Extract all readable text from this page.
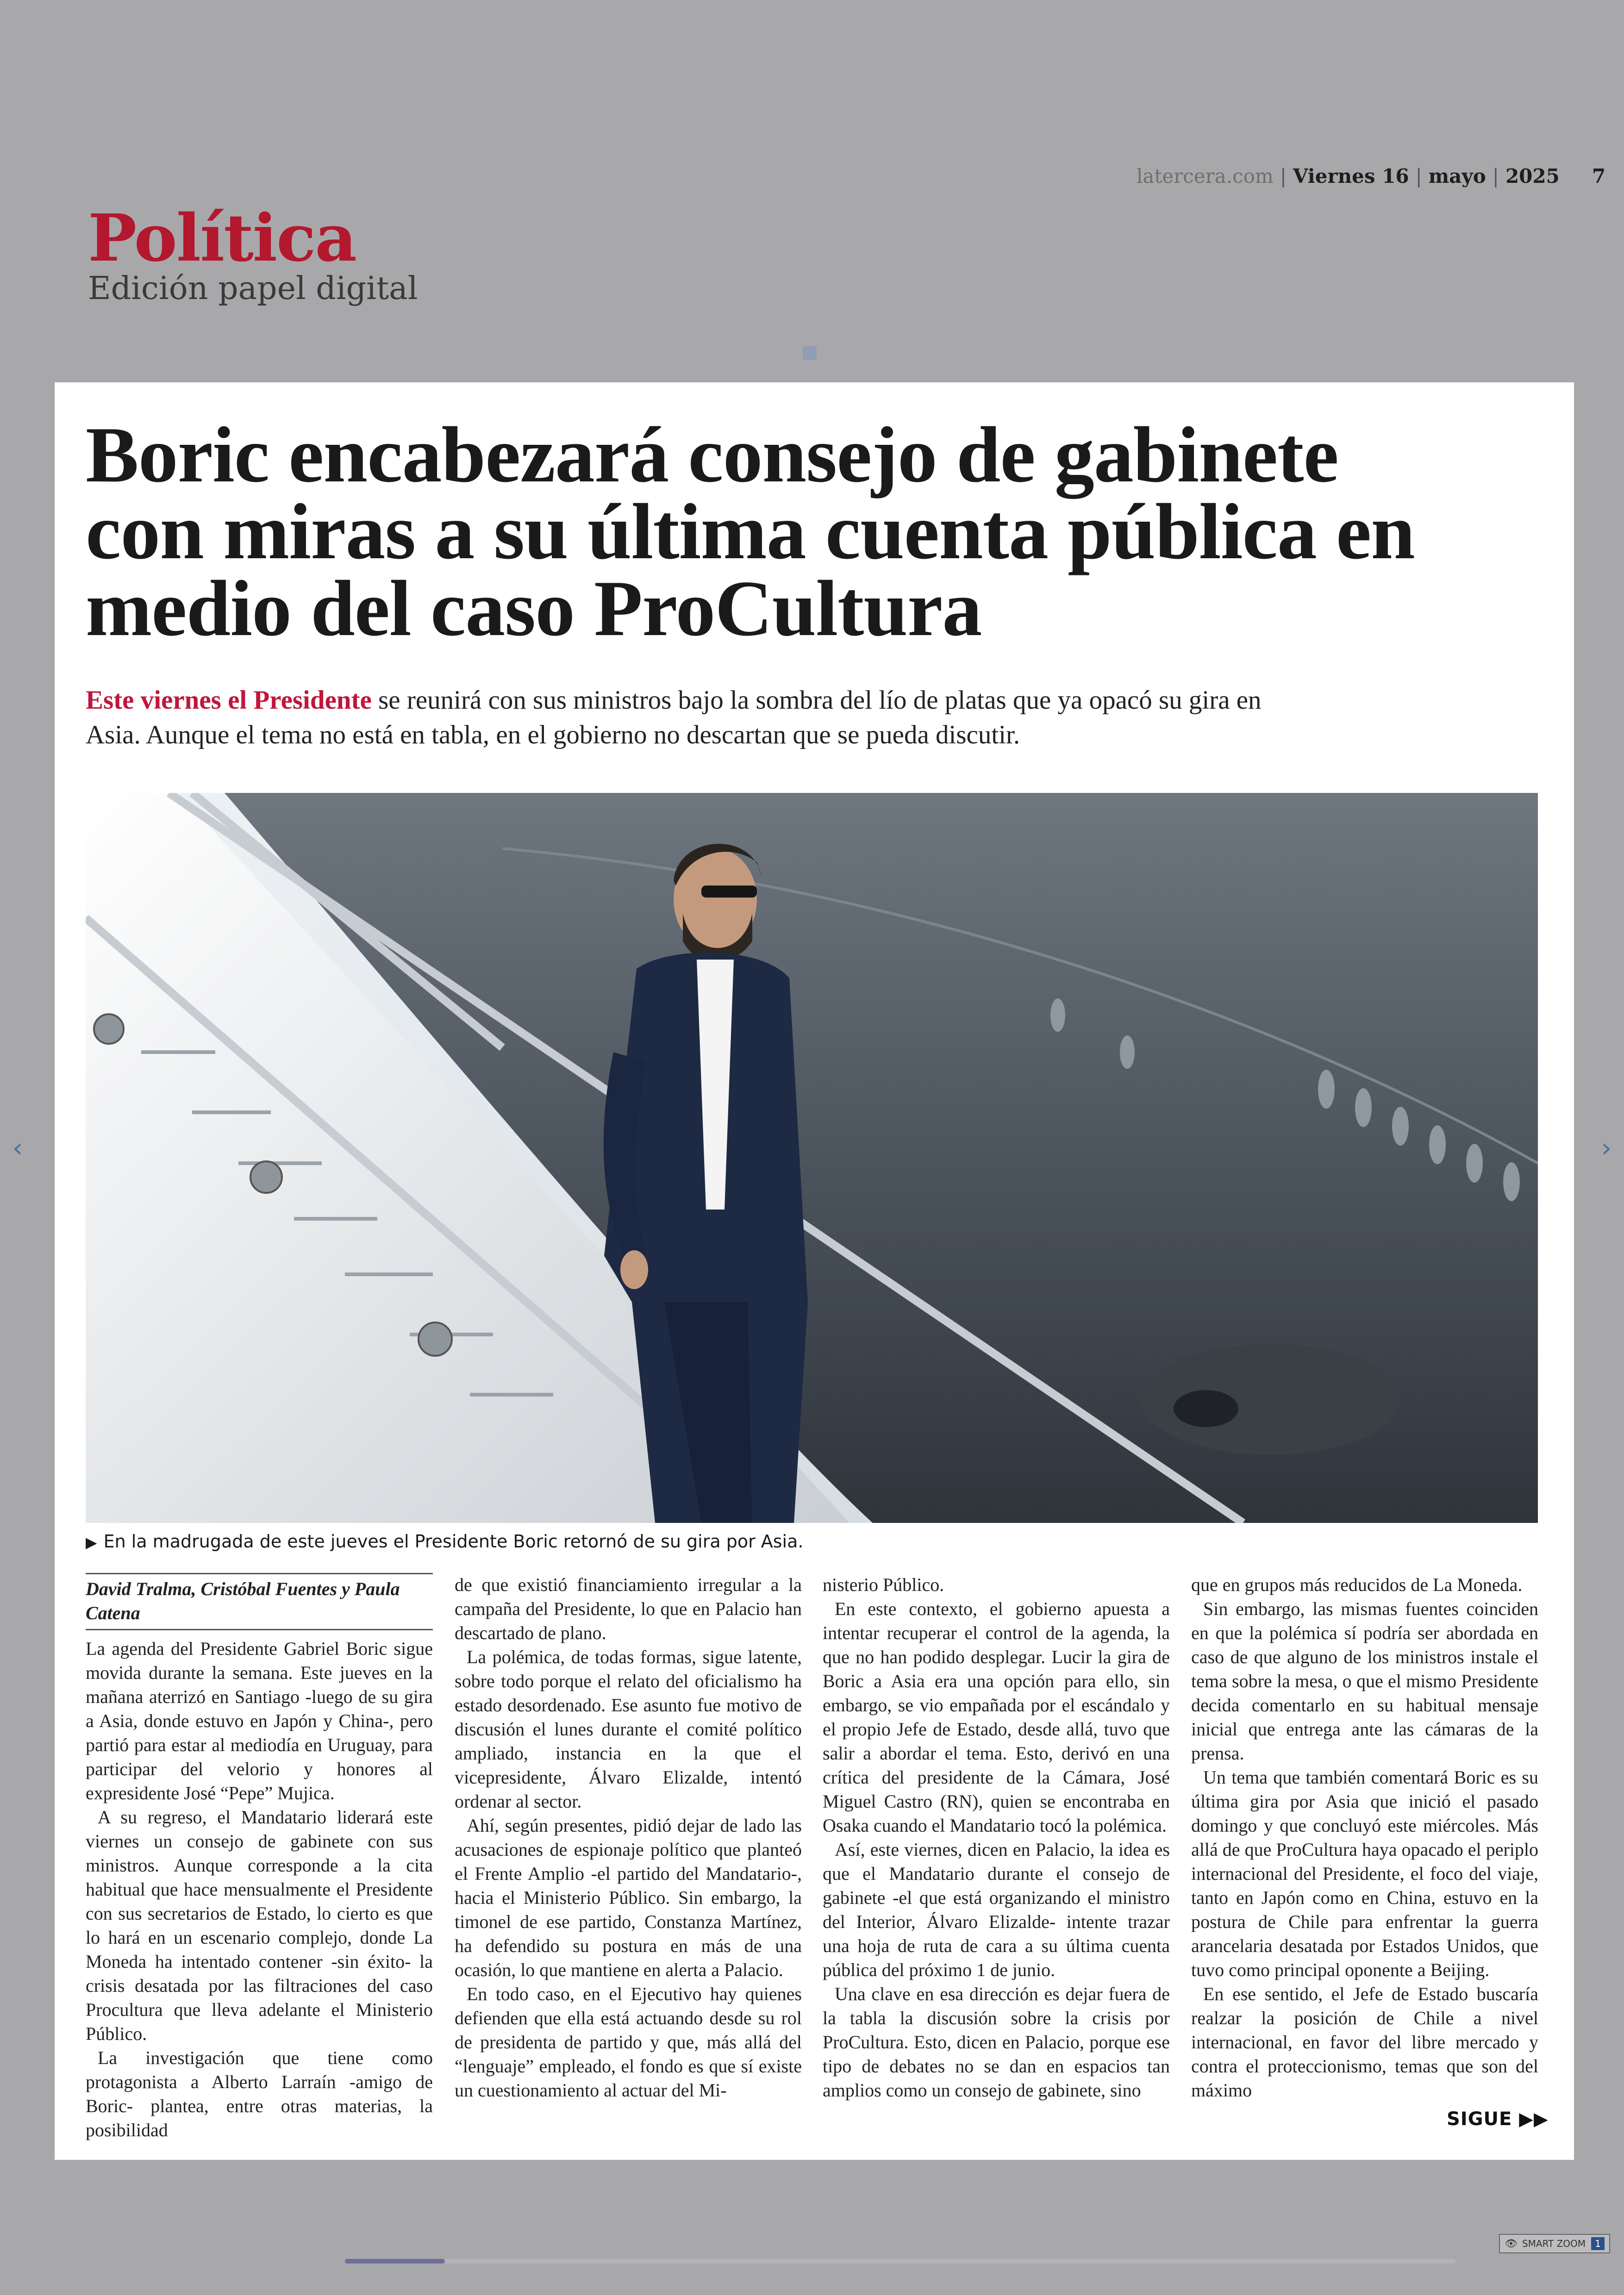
latercera.com | Viernes 16 | mayo | 2025 7
Política
Edición papel digital
Boric encabezará consejo de gabinete con miras a su última cuenta pública en medio del caso ProCultura
Este viernes el Presidente se reunirá con sus ministros bajo la sombra del lío de platas que ya opacó su gira en Asia. Aunque el tema no está en tabla, en el gobierno no descartan que se pueda discutir.
▶ En la madrugada de este jueves el Presidente Boric retornó de su gira por Asia.
David Tralma, Cristóbal Fuentes y Paula Catena

La agenda del Presidente Gabriel Boric sigue movida durante la semana. Este jueves en la mañana aterrizó en Santiago -luego de su gira a Asia, donde estuvo en Japón y China-, pero partió para estar al mediodía en Uruguay, para participar del velorio y honores al expresidente José “Pepe” Mujica.

A su regreso, el Mandatario liderará este viernes un consejo de gabinete con sus ministros. Aunque corresponde a la cita habitual que hace mensualmente el Presidente con sus secretarios de Estado, lo cierto es que lo hará en un escenario complejo, donde La Moneda ha intentado contener -sin éxito- la crisis desatada por las filtraciones del caso Procultura que lleva adelante el Ministerio Público.

La investigación que tiene como protagonista a Alberto Larraín -amigo de Boric- plantea, entre otras materias, la posibilidad

de que existió financiamiento irregular a la campaña del Presidente, lo que en Palacio han descartado de plano.

La polémica, de todas formas, sigue latente, sobre todo porque el relato del oficialismo ha estado desordenado. Ese asunto fue motivo de discusión el lunes durante el comité político ampliado, instancia en la que el vicepresidente, Álvaro Elizalde, intentó ordenar al sector.

Ahí, según presentes, pidió dejar de lado las acusaciones de espionaje político que planteó el Frente Amplio -el partido del Mandatario-, hacia el Ministerio Público. Sin embargo, la timonel de ese partido, Constanza Martínez, ha defendido su postura en más de una ocasión, lo que mantiene en alerta a Palacio.

En todo caso, en el Ejecutivo hay quienes defienden que ella está actuando desde su rol de presidenta de partido y que, más allá del “lenguaje” empleado, el fondo es que sí existe un cuestionamiento al actuar del Mi-

nisterio Público.

En este contexto, el gobierno apuesta a intentar recuperar el control de la agenda, la que no han podido desplegar. Lucir la gira de Boric a Asia era una opción para ello, sin embargo, se vio empañada por el escándalo y el propio Jefe de Estado, desde allá, tuvo que salir a abordar el tema. Esto, derivó en una crítica del presidente de la Cámara, José Miguel Castro (RN), quien se encontraba en Osaka cuando el Mandatario tocó la polémica.

Así, este viernes, dicen en Palacio, la idea es que el Mandatario durante el consejo de gabinete -el que está organizando el ministro del Interior, Álvaro Elizalde- intente trazar una hoja de ruta de cara a su última cuenta pública del próximo 1 de junio.

Una clave en esa dirección es dejar fuera de la tabla la discusión sobre la crisis por ProCultura. Esto, dicen en Palacio, porque ese tipo de debates no se dan en espacios tan amplios como un consejo de gabinete, sino

que en grupos más reducidos de La Moneda.

Sin embargo, las mismas fuentes coinciden en que la polémica sí podría ser abordada en caso de que alguno de los ministros instale el tema sobre la mesa, o que el mismo Presidente decida comentarlo en su habitual mensaje inicial que entrega ante las cámaras de la prensa.

Un tema que también comentará Boric es su última gira por Asia que inició el pasado domingo y que concluyó este miércoles. Más allá de que ProCultura haya opacado el periplo internacional del Presidente, el foco del viaje, tanto en Japón como en China, estuvo en la postura de Chile para enfrentar la guerra arancelaria desatada por Estados Unidos, que tuvo como principal oponente a Beijing.

En ese sentido, el Jefe de Estado buscaría realzar la posición de Chile a nivel internacional, en favor del libre mercado y contra el proteccionismo, temas que son del máximo

SIGUE ▶▶
‹	›
👁 SMART ZOOM	1
